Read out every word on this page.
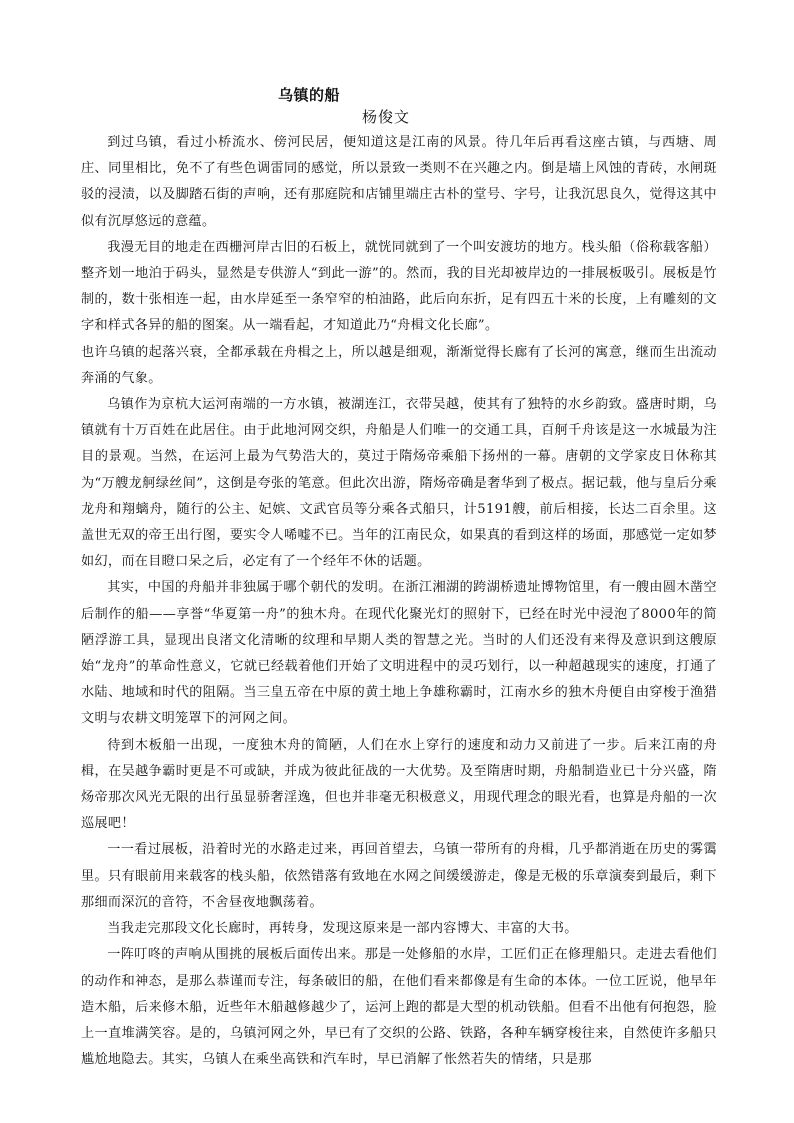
乌镇的船
杨俊文

到过乌镇，看过小桥流水、傍河民居，便知道这是江南的风景。待几年后再看这座古镇，与西塘、周庄、同里相比，免不了有些色调雷同的感觉，所以景致一类则不在兴趣之内。倒是墙上风蚀的青砖，水闸斑驳的浸渍，以及脚踏石街的声响，还有那庭院和店铺里端庄古朴的堂号、字号，让我沉思良久，觉得这其中似有沉厚悠远的意蕴。

我漫无目的地走在西栅河岸古旧的石板上，就恍同就到了一个叫安渡坊的地方。栈头船（俗称载客船）整齐划一地泊于码头，显然是专供游人“到此一游”的。然而，我的目光却被岸边的一排展板吸引。展板是竹制的，数十张相连一起，由水岸延至一条窄窄的柏油路，此后向东折，足有四五十米的长度，上有雕刻的文字和样式各异的船的图案。从一端看起，才知道此乃“舟楫文化长廊”。

也许乌镇的起落兴衰，全都承载在舟楫之上，所以越是细观，渐渐觉得长廊有了长河的寓意，继而生出流动奔涌的气象。

乌镇作为京杭大运河南端的一方水镇，被湖连江，衣带吴越，使其有了独特的水乡韵致。盛唐时期，乌镇就有十万百姓在此居住。由于此地河网交织，舟船是人们唯一的交通工具，百舸千舟该是这一水城最为注目的景观。当然，在运河上最为气势浩大的，莫过于隋炀帝乘船下扬州的一幕。唐朝的文学家皮日休称其为“万艘龙舸绿丝间”，这倒是夸张的笔意。但此次出游，隋炀帝确是奢华到了极点。据记载，他与皇后分乘龙舟和翔螭舟，随行的公主、妃嫔、文武官员等分乘各式船只，计5191艘，前后相接，长达二百余里。这盖世无双的帝王出行图，要实令人唏嘘不已。当年的江南民众，如果真的看到这样的场面，那感觉一定如梦如幻，而在目瞪口呆之后，必定有了一个经年不休的话题。

其实，中国的舟船并非独属于哪个朝代的发明。在浙江湘湖的跨湖桥遗址博物馆里，有一艘由圆木凿空后制作的船——享誉“华夏第一舟”的独木舟。在现代化聚光灯的照射下，已经在时光中浸泡了8000年的简陋浮游工具，显现出良渚文化清晰的纹理和早期人类的智慧之光。当时的人们还没有来得及意识到这艘原始“龙舟”的革命性意义，它就已经载着他们开始了文明进程中的灵巧划行，以一种超越现实的速度，打通了水陆、地域和时代的阻隔。当三皇五帝在中原的黄土地上争雄称霸时，江南水乡的独木舟便自由穿梭于渔猎文明与农耕文明笼罩下的河网之间。

待到木板船一出现，一度独木舟的简陋，人们在水上穿行的速度和动力又前进了一步。后来江南的舟楫，在吴越争霸时更是不可或缺，并成为彼此征战的一大优势。及至隋唐时期，舟船制造业已十分兴盛，隋炀帝那次风光无限的出行虽显骄奢淫逸，但也并非毫无积极意义，用现代理念的眼光看，也算是舟船的一次巡展吧！

一一看过展板，沿着时光的水路走过来，再回首望去，乌镇一带所有的舟楫，几乎都消逝在历史的雾霭里。只有眼前用来载客的栈头船，依然错落有致地在水网之间缓缓游走，像是无极的乐章演奏到最后，剩下那细而深沉的音符，不舍昼夜地飘荡着。

当我走完那段文化长廊时，再转身，发现这原来是一部内容博大、丰富的大书。

一阵叮咚的声响从围挑的展板后面传出来。那是一处修船的水岸，工匠们正在修理船只。走进去看他们的动作和神态，是那么恭谨而专注，每条破旧的船，在他们看来都像是有生命的本体。一位工匠说，他早年造木船，后来修木船，近些年木船越修越少了，运河上跑的都是大型的机动铁船。但看不出他有何抱怨，脸上一直堆满笑容。是的，乌镇河网之外，早已有了交织的公路、铁路，各种车辆穿梭往来，自然使许多船只尴尬地隐去。其实，乌镇人在乘坐高铁和汽车时，早已消解了怅然若失的情绪，只是那
